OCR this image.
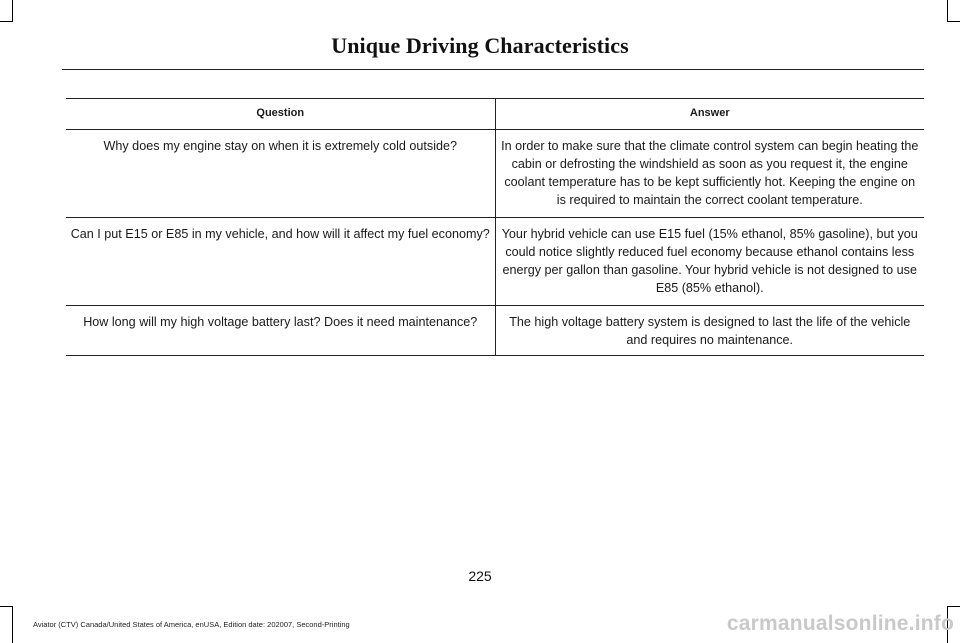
Unique Driving Characteristics
Question	Answer
Why does my engine stay on when it is extremely cold outside?	In order to make sure that the climate control system can begin heating the cabin or defrosting the windshield as soon as you request it, the engine coolant temperature has to be kept sufficiently hot. Keeping the engine on is required to maintain the correct coolant temperature.
Can I put E15 or E85 in my vehicle, and how will it affect my fuel economy?	Your hybrid vehicle can use E15 fuel (15% ethanol, 85% gasoline), but you could notice slightly reduced fuel economy because ethanol contains less energy per gallon than gasoline. Your hybrid vehicle is not designed to use E85 (85% ethanol).
How long will my high voltage battery last? Does it need maintenance?	The high voltage battery system is designed to last the life of the vehicle and requires no maintenance.
225
Aviator (CTV) Canada/United States of America, enUSA, Edition date: 202007, Second-Printing	carmanualsonline.info
